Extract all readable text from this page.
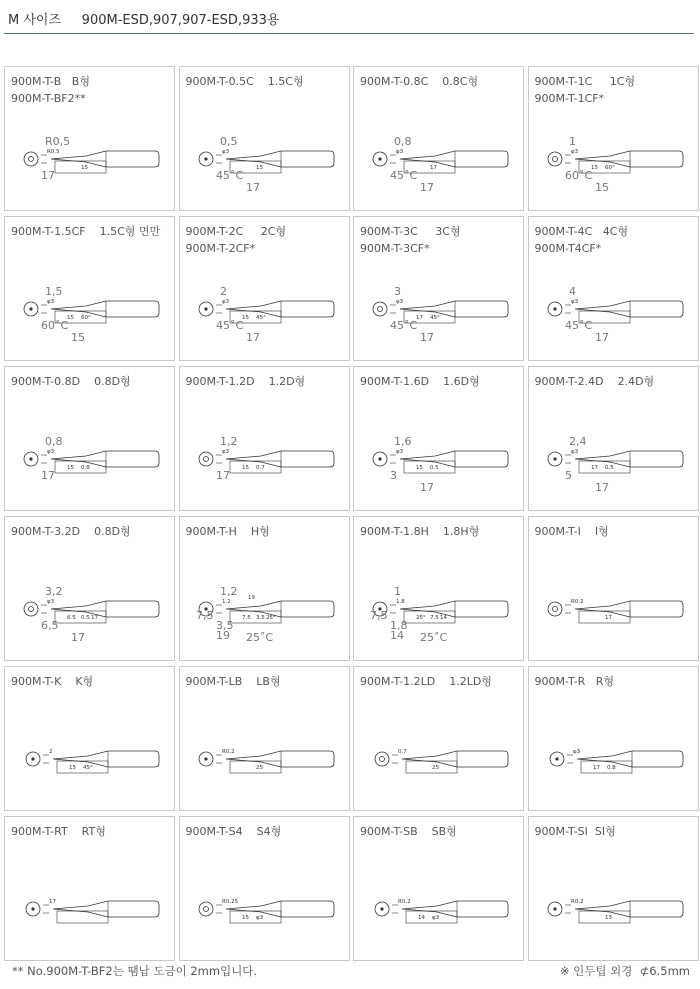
M 사이즈     900M-ESD,907,907-ESD,933용
900M-T-B   B형
900M-T-BF2**
R0,5
17
R0.5
15
900M-T-0.5C    1.5C형
0,5
45˚C
17
φ3
15
900M-T-0.8C    0.8C형
0,8
45˚C
17
φ3
17
900M-T-1C     1C형
900M-T-1CF*
1
60˚C
15
φ3
60°
15
900M-T-1.5CF    1.5C형 면만
1,5
60˚C
15
φ3
60°
15
900M-T-2C     2C형
900M-T-2CF*
2
45˚C
17
φ3
45°
15
900M-T-3C     3C형
900M-T-3CF*
3
45˚C
17
φ3
45°
17
900M-T-4C   4C형
900M-T4CF*
4
45˚C
17
φ3
900M-T-0.8D    0.8D형
0,8
17
φ3
0.8
15
900M-T-1.2D    1.2D형
1,2
17
φ3
0.7
15
900M-T-1.6D    1.6D형
1,6
3
17
φ3
0.5
15
900M-T-2.4D    2.4D형
2,4
5
17
φ3
0.5
17
900M-T-3.2D    0.8D형
3,2
6,5
17
φ3
0.5
6.5	17
900M-T-H    H형
1,2
3,5
25˚C
7,5
19
1.2
3.5
7.5	25°
19
900M-T-1.8H    1.8H형
1
1,8
25˚C
7,5
14
1.8
7.5
25°	14
900M-T-I    I형
R0.2
17
900M-T-K    K형
2
45°
15
900M-T-LB    LB형
R0.2
25
900M-T-1.2LD    1.2LD형
0.7
25
900M-T-R   R형
φ3
0.8
17
900M-T-RT    RT형
17
900M-T-S4    S4형
R0.25
φ3
15
900M-T-SB    SB형
R0.2
φ3
14
900M-T-SI  SI형
R0.2
13
** No.900M-T-BF2는 땜납 도금이 2mm입니다.	※ 인두팁 외경  ⊄6.5mm
